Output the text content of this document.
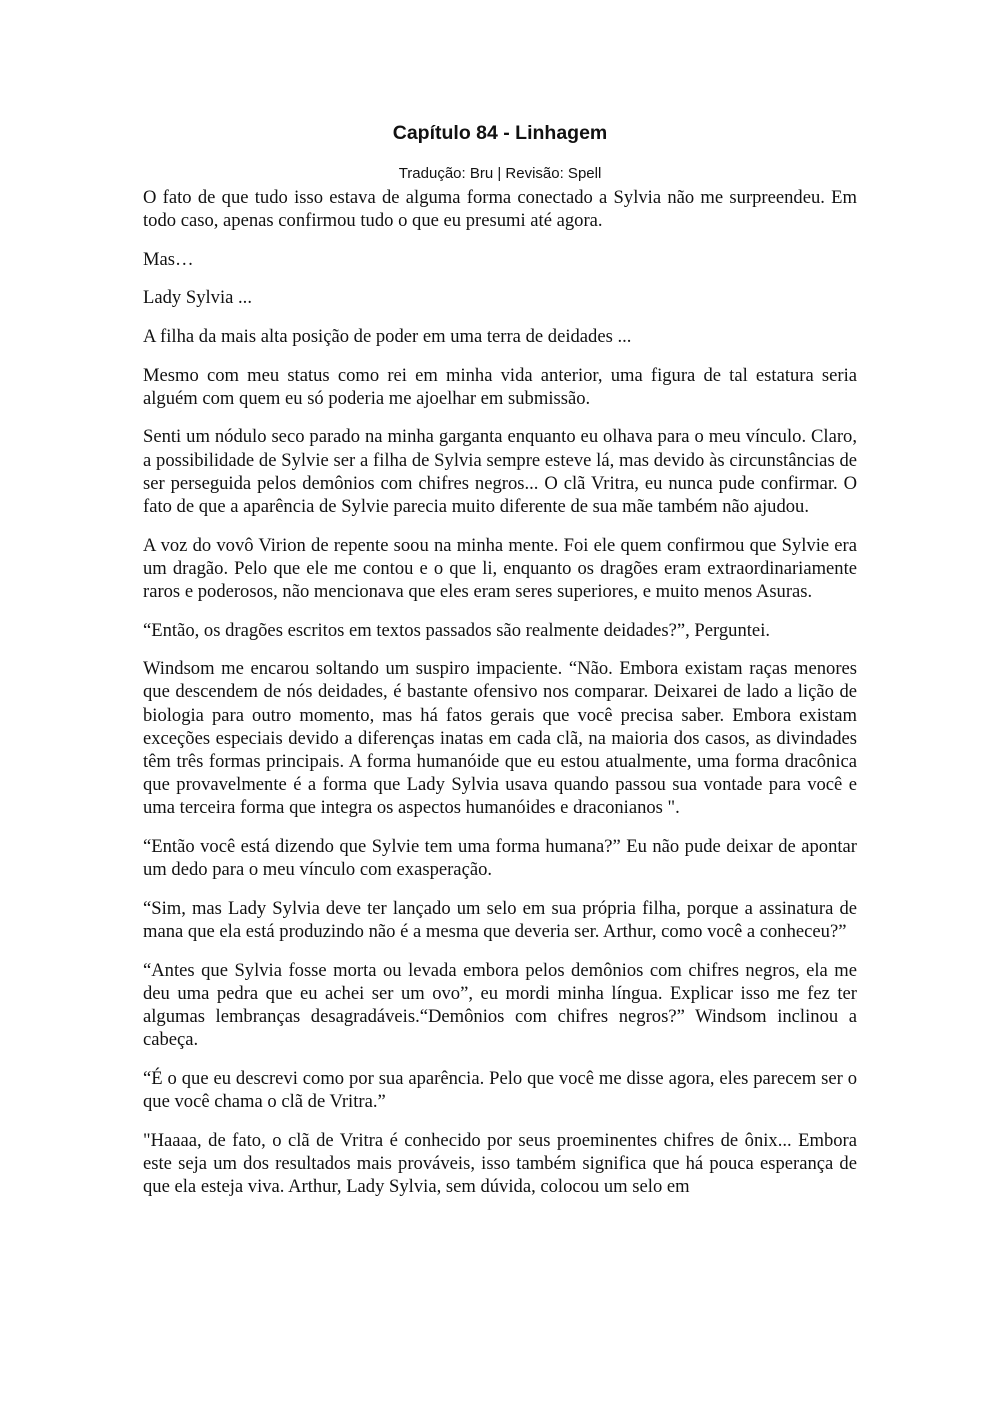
Capítulo 84 - Linhagem
Tradução: Bru | Revisão: Spell

O fato de que tudo isso estava de alguma forma conectado a Sylvia não me surpreendeu. Em todo caso, apenas confirmou tudo o que eu presumi até agora.

Mas…

Lady Sylvia ...

A filha da mais alta posição de poder em uma terra de deidades ...

Mesmo com meu status como rei em minha vida anterior, uma figura de tal estatura seria alguém com quem eu só poderia me ajoelhar em submissão.

Senti um nódulo seco parado na minha garganta enquanto eu olhava para o meu vínculo. Claro, a possibilidade de Sylvie ser a filha de Sylvia sempre esteve lá, mas devido às circunstâncias de ser perseguida pelos demônios com chifres negros... O clã Vritra, eu nunca pude confirmar. O fato de que a aparência de Sylvie parecia muito diferente de sua mãe também não ajudou.

A voz do vovô Virion de repente soou na minha mente. Foi ele quem confirmou que Sylvie era um dragão. Pelo que ele me contou e o que li, enquanto os dragões eram extraordinariamente raros e poderosos, não mencionava que eles eram seres superiores, e muito menos Asuras.

“Então, os dragões escritos em textos passados são realmente deidades?”, Perguntei.

Windsom me encarou soltando um suspiro impaciente. “Não. Embora existam raças menores que descendem de nós deidades, é bastante ofensivo nos comparar. Deixarei de lado a lição de biologia para outro momento, mas há fatos gerais que você precisa saber. Embora existam exceções especiais devido a diferenças inatas em cada clã, na maioria dos casos, as divindades têm três formas principais. A forma humanóide que eu estou atualmente, uma forma dracônica que provavelmente é a forma que Lady Sylvia usava quando passou sua vontade para você e uma terceira forma que integra os aspectos humanóides e draconianos ".

“Então você está dizendo que Sylvie tem uma forma humana?” Eu não pude deixar de apontar um dedo para o meu vínculo com exasperação.

“Sim, mas Lady Sylvia deve ter lançado um selo em sua própria filha, porque a assinatura de mana que ela está produzindo não é a mesma que deveria ser. Arthur, como você a conheceu?”

“Antes que Sylvia fosse morta ou levada embora pelos demônios com chifres negros, ela me deu uma pedra que eu achei ser um ovo”, eu mordi minha língua. Explicar isso me fez ter algumas lembranças desagradáveis.“Demônios com chifres negros?” Windsom inclinou a cabeça.

“É o que eu descrevi como por sua aparência. Pelo que você me disse agora, eles parecem ser o que você chama o clã de Vritra.”

"Haaaa, de fato, o clã de Vritra é conhecido por seus proeminentes chifres de ônix... Embora este seja um dos resultados mais prováveis, isso também significa que há pouca esperança de que ela esteja viva. Arthur, Lady Sylvia, sem dúvida, colocou um selo em
